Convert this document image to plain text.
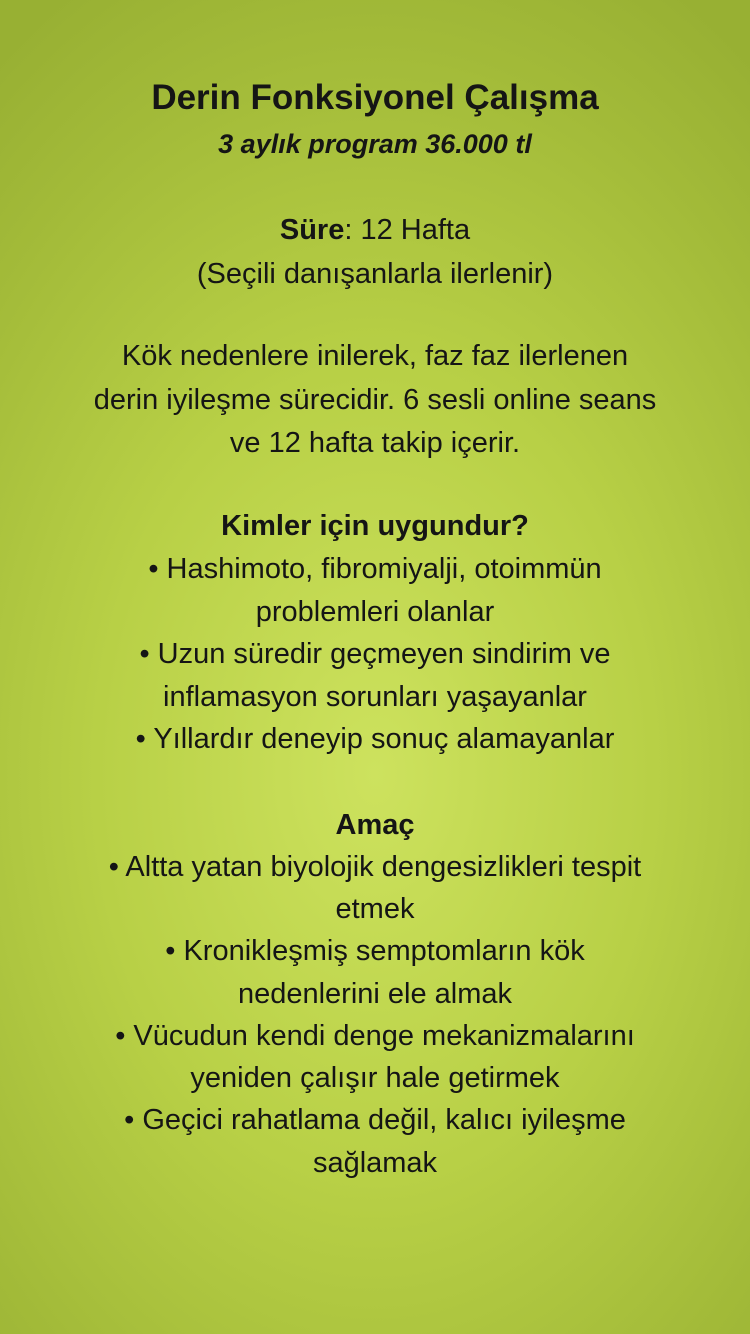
Derin Fonksiyonel Çalışma

3 aylık program 36.000 tl

Süre: 12 Hafta

(Seçili danışanlarla ilerlenir)

Kök nedenlere inilerek, faz faz ilerlenen

derin iyileşme sürecidir. 6 sesli online seans

ve 12 hafta takip içerir.

Kimler için uygundur?

• Hashimoto, fibromiyalji, otoimmün

problemleri olanlar

• Uzun süredir geçmeyen sindirim ve

inflamasyon sorunları yaşayanlar

• Yıllardır deneyip sonuç alamayanlar

Amaç

• Altta yatan biyolojik dengesizlikleri tespit

etmek

• Kronikleşmiş semptomların kök

nedenlerini ele almak

• Vücudun kendi denge mekanizmalarını

yeniden çalışır hale getirmek

• Geçici rahatlama değil, kalıcı iyileşme

sağlamak
